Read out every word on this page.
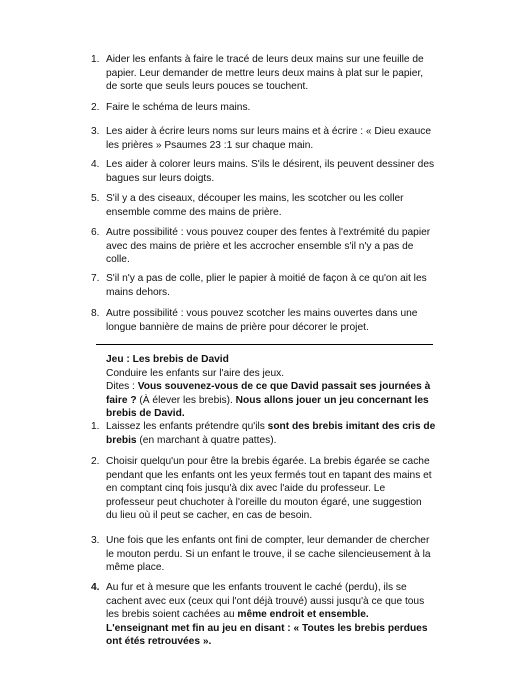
1. Aider les enfants à faire le tracé de leurs deux mains sur une feuille de
papier. Leur demander de mettre leurs deux mains à plat sur le papier,
de sorte que seuls leurs pouces se touchent.
2. Faire le schéma de leurs mains.
3. Les aider à écrire leurs noms sur leurs mains et à écrire : « Dieu exauce
les prières » Psaumes 23 :1 sur chaque main.
4. Les aider à colorer leurs mains. S'ils le désirent, ils peuvent dessiner des
bagues sur leurs doigts.
5. S'il y a des ciseaux, découper les mains, les scotcher ou les coller
ensemble comme des mains de prière.
6. Autre possibilité : vous pouvez couper des fentes à l'extrémité du papier
avec des mains de prière et les accrocher ensemble s'il n'y a pas de
colle.
7. S'il n'y a pas de colle, plier le papier à moitié de façon à ce qu'on ait les
mains dehors.
8. Autre possibilité : vous pouvez scotcher les mains ouvertes dans une
longue bannière de mains de prière pour décorer le projet.
Jeu : Les brebis de David
Conduire les enfants sur l'aire des jeux.
Dites : Vous souvenez-vous de ce que David passait ses journées à
faire ? (À élever les brebis). Nous allons jouer un jeu concernant les
brebis de David.
1. Laissez les enfants prétendre qu'ils sont des brebis imitant des cris de
brebis (en marchant à quatre pattes).
2. Choisir quelqu'un pour être la brebis égarée. La brebis égarée se cache
pendant que les enfants ont les yeux fermés tout en tapant des mains et
en comptant cinq fois jusqu'à dix avec l'aide du professeur. Le
professeur peut chuchoter à l'oreille du mouton égaré, une suggestion
du lieu où il peut se cacher, en cas de besoin.
3. Une fois que les enfants ont fini de compter, leur demander de chercher
le mouton perdu. Si un enfant le trouve, il se cache silencieusement à la
même place.
4. Au fur et à mesure que les enfants trouvent le caché (perdu), ils se
cachent avec eux (ceux qui l'ont déjà trouvé) aussi jusqu'à ce que tous
les brebis soient cachées au même endroit et ensemble.
L'enseignant met fin au jeu en disant : « Toutes les brebis perdues
ont étés retrouvées ».
